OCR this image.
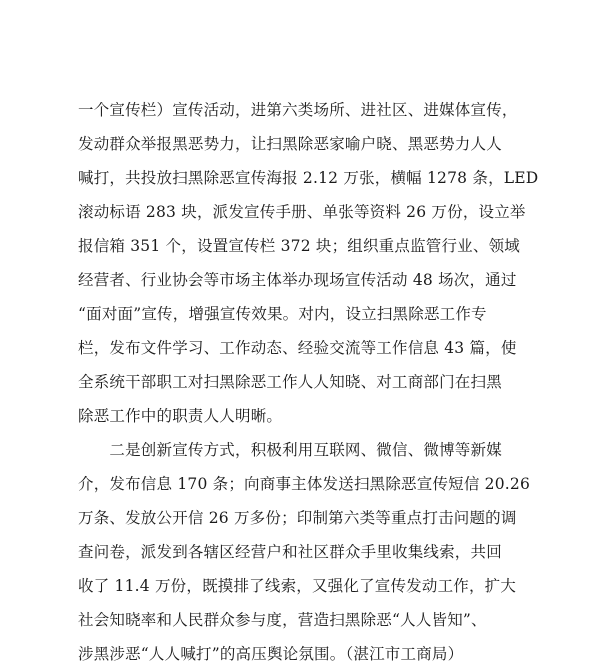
一个宣传栏）宣传活动，进第六类场所、进社区、进媒体宣传，
发动群众举报黑恶势力，让扫黑除恶家喻户晓、黑恶势力人人
喊打，共投放扫黑除恶宣传海报 2.12 万张，横幅 1278 条，LED
滚动标语 283 块，派发宣传手册、单张等资料 26 万份，设立举
报信箱 351 个，设置宣传栏 372 块；组织重点监管行业、领域
经营者、行业协会等市场主体举办现场宣传活动 48 场次，通过
“面对面”宣传，增强宣传效果。对内，设立扫黑除恶工作专
栏，发布文件学习、工作动态、经验交流等工作信息 43 篇，使
全系统干部职工对扫黑除恶工作人人知晓、对工商部门在扫黑
除恶工作中的职责人人明晰。
　　二是创新宣传方式，积极利用互联网、微信、微博等新媒
介，发布信息 170 条；向商事主体发送扫黑除恶宣传短信 20.26
万条、发放公开信 26 万多份；印制第六类等重点打击问题的调
查问卷，派发到各辖区经营户和社区群众手里收集线索，共回
收了 11.4 万份，既摸排了线索，又强化了宣传发动工作，扩大
社会知晓率和人民群众参与度，营造扫黑除恶“人人皆知”、
涉黑涉恶“人人喊打”的高压舆论氛围。（湛江市工商局）
